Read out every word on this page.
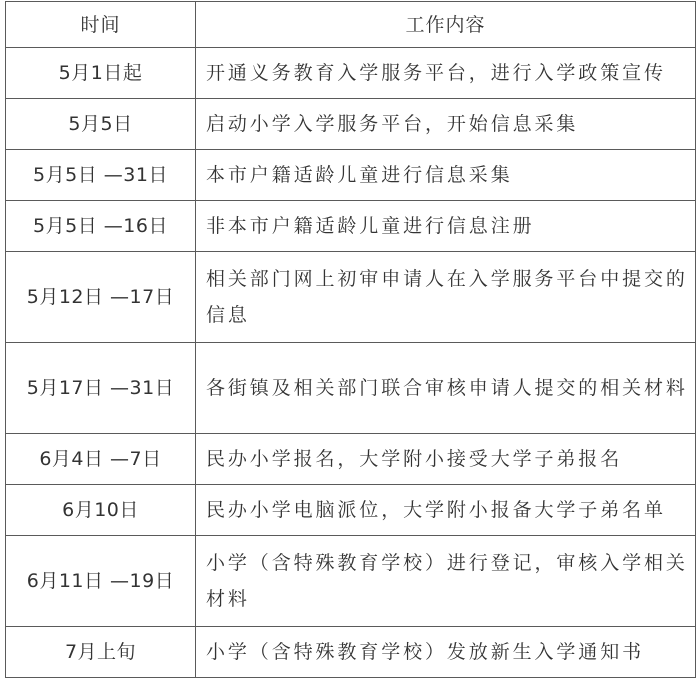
时间	工作内容
5月1日起	开通义务教育入学服务平台，进行入学政策宣传
5月5日	启动小学入学服务平台，开始信息采集
5月5日 —31日	本市户籍适龄儿童进行信息采集
5月5日 —16日	非本市户籍适龄儿童进行信息注册
5月12日 —17日	相关部门网上初审申请人在入学服务平台中提交的信息
5月17日 —31日	各街镇及相关部门联合审核申请人提交的相关材料
6月4日 —7日	民办小学报名，大学附小接受大学子弟报名
6月10日	民办小学电脑派位，大学附小报备大学子弟名单
6月11日 —19日	小学（含特殊教育学校）进行登记，审核入学相关材料
7月上旬	小学（含特殊教育学校）发放新生入学通知书
